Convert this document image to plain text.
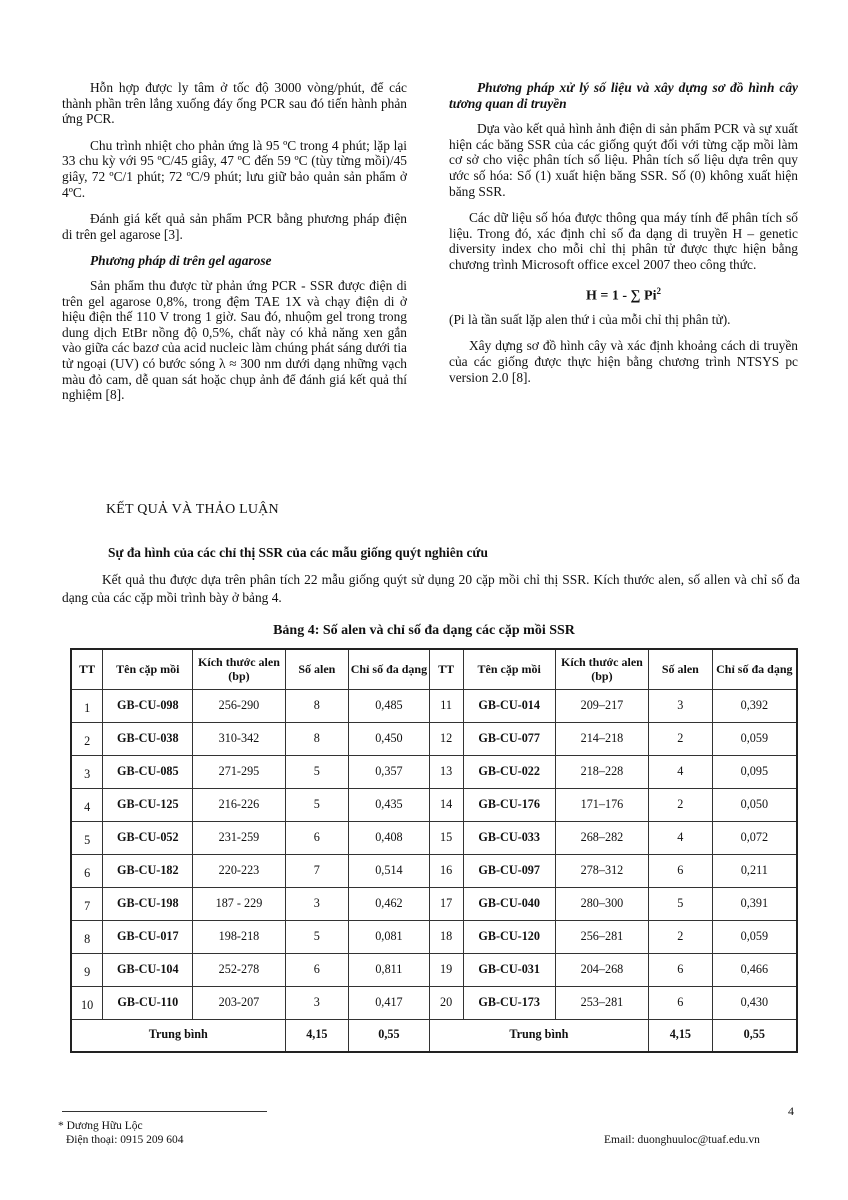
Hỗn hợp được ly tâm ở tốc độ 3000 vòng/phút, để các thành phần trên lắng xuống đáy ống PCR sau đó tiến hành phản ứng PCR.

Chu trình nhiệt cho phản ứng là 95 ºC trong 4 phút; lặp lại 33 chu kỳ với 95 ºC/45 giây, 47 ºC đến 59 ºC (tùy từng mồi)/45 giây, 72 ºC/1 phút; 72 ºC/9 phút; lưu giữ bảo quản sản phẩm ở 4ºC.

Đánh giá kết quả sản phẩm PCR bằng phương pháp điện di trên gel agarose [3].

Phương pháp di trên gel agarose

Sản phẩm thu được từ phản ứng PCR - SSR được điện di trên gel agarose 0,8%, trong đệm TAE 1X và chạy điện di ở hiệu điện thế 110 V trong 1 giờ. Sau đó, nhuộm gel trong trong dung dịch EtBr nồng độ 0,5%, chất này có khả năng xen gắn vào giữa các bazơ của acid nucleic làm chúng phát sáng dưới tia tử ngoại (UV) có bước sóng λ ≈ 300 nm dưới dạng những vạch màu đỏ cam, dễ quan sát hoặc chụp ảnh để đánh giá kết quả thí nghiệm [8].

Phương pháp xử lý số liệu và xây dựng sơ đồ hình cây tương quan di truyền

Dựa vào kết quả hình ảnh điện di sản phẩm PCR và sự xuất hiện các băng SSR của các giống quýt đối với từng cặp mồi làm cơ sở cho việc phân tích số liệu. Phân tích số liệu dựa trên quy ước số hóa: Số (1) xuất hiện băng SSR. Số (0) không xuất hiện băng SSR.

Các dữ liệu số hóa được thông qua máy tính để phân tích số liệu. Trong đó, xác định chỉ số đa dạng di truyền H – genetic diversity index cho mỗi chỉ thị phân tử được thực hiện bằng chương trình Microsoft office excel 2007 theo công thức.

H = 1 - ∑ Pi$^2$

(Pi là tần suất lặp alen thứ i của mỗi chỉ thị phân tử).

Xây dựng sơ đồ hình cây và xác định khoảng cách di truyền của các giống được thực hiện bằng chương trình NTSYS pc version 2.0 [8].

KẾT QUẢ VÀ THẢO LUẬN
Sự đa hình của các chỉ thị SSR của các mẫu giống quýt nghiên cứu

Kết quả thu được dựa trên phân tích 22 mẫu giống quýt sử dụng 20 cặp mồi chỉ thị SSR. Kích thước alen, số allen và chỉ số đa dạng của các cặp mồi trình bày ở bảng 4.

Bảng 4: Số alen và chỉ số đa dạng các cặp mồi SSR
TT	Tên cặp mồi	Kích thước alen (bp)	Số alen	Chỉ số đa dạng	TT	Tên cặp mồi	Kích thước alen (bp)	Số alen	Chỉ số đa dạng
1	GB-CU-098	256-290	8	0,485	11	GB-CU-014	209–217	3	0,392
2	GB-CU-038	310-342	8	0,450	12	GB-CU-077	214–218	2	0,059
3	GB-CU-085	271-295	5	0,357	13	GB-CU-022	218–228	4	0,095
4	GB-CU-125	216-226	5	0,435	14	GB-CU-176	171–176	2	0,050
5	GB-CU-052	231-259	6	0,408	15	GB-CU-033	268–282	4	0,072
6	GB-CU-182	220-223	7	0,514	16	GB-CU-097	278–312	6	0,211
7	GB-CU-198	187 - 229	3	0,462	17	GB-CU-040	280–300	5	0,391
8	GB-CU-017	198-218	5	0,081	18	GB-CU-120	256–281	2	0,059
9	GB-CU-104	252-278	6	0,811	19	GB-CU-031	204–268	6	0,466
10	GB-CU-110	203-207	3	0,417	20	GB-CU-173	253–281	6	0,430
Trung bình			4,15	0,55	Trung bình			4,15	0,55
* Dương Hữu Lộc
Điện thoại: 0915 209 604
4
Email: duonghuuloc@tuaf.edu.vn
